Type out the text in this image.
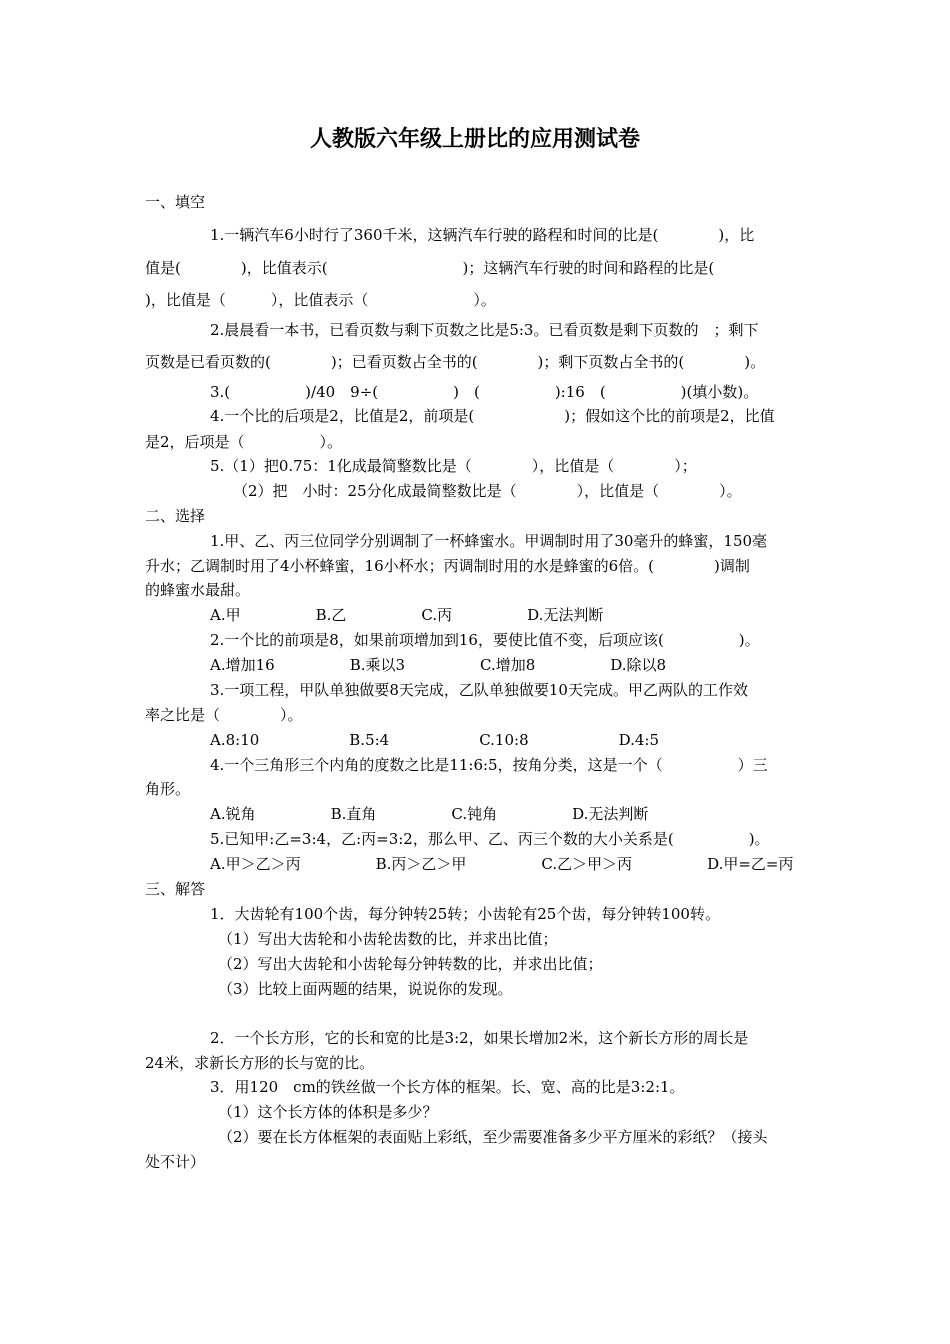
人教版六年级上册比的应用测试卷
一、填空
1.一辆汽车6小时行了360千米，这辆汽车行驶的路程和时间的比是(　　　　)，比
值是(　　　　)，比值表示(　　　　　　　　　)；这辆汽车行驶的时间和路程的比是(
)，比值是（　　　），比值表示（　　　　　　　）。
2.晨晨看一本书，已看页数与剩下页数之比是5:3。已看页数是剩下页数的　；剩下
页数是已看页数的(　　　　)；已看页数占全书的(　　　　)；剩下页数占全书的(　　　　)。
3.(　　　　　)/40　9÷(　　　　　)　(　　　　　):16　(　　　　　)(填小数)。
4.一个比的后项是2，比值是2，前项是(　　　　　　)；假如这个比的前项是2，比值
是2，后项是（　　　　　）。
5.（1）把0.75：1化成最简整数比是（　　　　），比值是（　　　　）；
（2）把　小时：25分化成最简整数比是（　　　　），比值是（　　　　）。
二、选择
1.甲、乙、丙三位同学分别调制了一杯蜂蜜水。甲调制时用了30毫升的蜂蜜，150毫
升水；乙调制时用了4小杯蜂蜜，16小杯水；丙调制时用的水是蜂蜜的6倍。(　　　　)调制
的蜂蜜水最甜。
A.甲　　　　　B.乙　　　　　C.丙　　　　　D.无法判断
2.一个比的前项是8，如果前项增加到16，要使比值不变，后项应该(　　　　　)。
A.增加16　　　　　B.乘以3　　　　　C.增加8　　　　　D.除以8
3.一项工程，甲队单独做要8天完成，乙队单独做要10天完成。甲乙两队的工作效
率之比是（　　　　）。
A.8:10　　　　　　B.5:4　　　　　　C.10:8　　　　　　D.4:5
4.一个三角形三个内角的度数之比是11:6:5，按角分类，这是一个（　　　　　）三
角形。
A.锐角　　　　　B.直角　　　　　C.钝角　　　　　D.无法判断
5.已知甲:乙=3:4，乙:丙=3:2，那么甲、乙、丙三个数的大小关系是(　　　　　)。
A.甲＞乙＞丙　　　　　B.丙＞乙＞甲　　　　　C.乙＞甲＞丙　　　　　D.甲=乙=丙
三、解答
1．大齿轮有100个齿，每分钟转25转；小齿轮有25个齿，每分钟转100转。
（1）写出大齿轮和小齿轮齿数的比，并求出比值；
（2）写出大齿轮和小齿轮每分钟转数的比，并求出比值；
（3）比较上面两题的结果，说说你的发现。
2．一个长方形，它的长和宽的比是3:2，如果长增加2米，这个新长方形的周长是
24米，求新长方形的长与宽的比。
3．用120　cm的铁丝做一个长方体的框架。长、宽、高的比是3:2:1。
（1）这个长方体的体积是多少？
（2）要在长方体框架的表面贴上彩纸，至少需要准备多少平方厘米的彩纸？（接头
处不计）
